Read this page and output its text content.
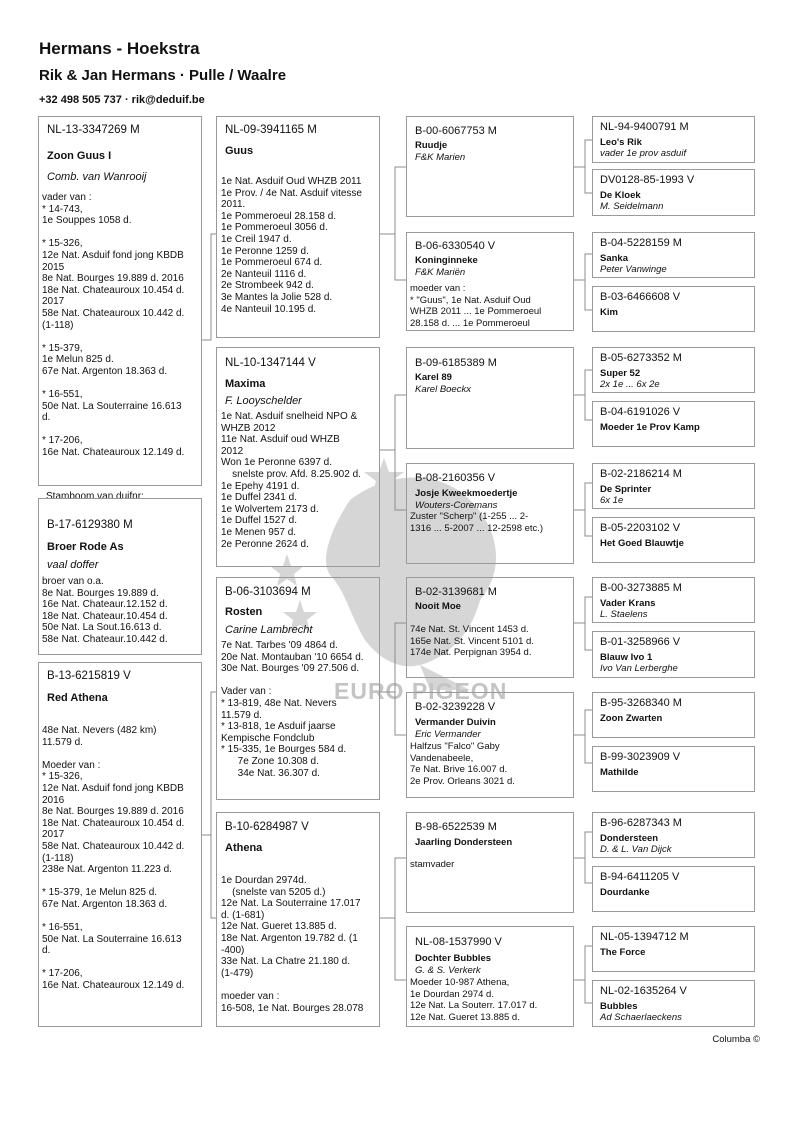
Hermans - Hoekstra
Rik & Jan Hermans · Pulle / Waalre
+32 498 505 737 · rik@deduif.be
EURO PIGEON
NL-13-3347269 M
Zoon Guus I
Comb. van Wanrooij
vader van :
* 14-743,
1e Souppes 1058 d.

* 15-326,
12e Nat. Asduif fond jong KBDB
2015
8e Nat. Bourges 19.889 d. 2016
18e Nat. Chateauroux 10.454 d.
2017
58e Nat. Chateauroux 10.442 d.
(1-118)

* 15-379,
1e Melun 825 d.
67e Nat. Argenton 18.363 d.

* 16-551,
50e Nat. La Souterraine 16.613
d.

* 17-206,
16e Nat. Chateauroux 12.149 d.
Stamboom van duifnr:
B-17-6129380 M
Broer Rode As
vaal doffer
broer van o.a.
8e Nat. Bourges 19.889 d.
16e Nat. Chateaur.12.152 d.
18e Nat. Chateaur.10.454 d.
50e Nat. La Sout.16.613 d.
58e Nat. Chateaur.10.442 d.
B-13-6215819 V
Red Athena
48e Nat. Nevers (482 km)
11.579 d.

Moeder van :
* 15-326,
12e Nat. Asduif fond jong KBDB
2016
8e Nat. Bourges 19.889 d. 2016
18e Nat. Chateauroux 10.454 d.
2017
58e Nat. Chateauroux 10.442 d.
(1-118)
238e Nat. Argenton 11.223 d.

* 15-379, 1e Melun 825 d.
67e Nat. Argenton 18.363 d.

* 16-551,
50e Nat. La Souterraine 16.613
d.

* 17-206,
16e Nat. Chateauroux 12.149 d.
NL-09-3941165 M
Guus
1e Nat. Asduif Oud WHZB 2011
1e Prov. / 4e Nat. Asduif vitesse
2011.
1e Pommeroeul 28.158 d.
1e Pommeroeul 3056 d.
1e Creil 1947 d.
1e Peronne 1259 d.
1e Pommeroeul 674 d.
2e Nanteuil 1116 d.
2e Strombeek 942 d.
3e Mantes la Jolie 528 d.
4e Nanteuil 10.195 d.
NL-10-1347144 V
Maxima
F. Looyschelder
1e Nat. Asduif snelheid NPO &
WHZB 2012
11e Nat. Asduif oud WHZB
2012
Won 1e Peronne 6397 d.
snelste prov. Afd. 8.25.902 d.
1e Epehy 4191 d.
1e Duffel 2341 d.
1e Wolvertem 2173 d.
1e Duffel 1527 d.
1e Menen 957 d.
2e Peronne 2624 d.
B-06-3103694 M
Rosten
Carine Lambrecht
7e Nat. Tarbes '09 4864 d.
20e Nat. Montauban '10 6654 d.
30e Nat. Bourges '09 27.506 d.

Vader van :
* 13-819, 48e Nat. Nevers
11.579 d.
* 13-818, 1e Asduif jaarse
Kempische Fondclub
* 15-335, 1e Bourges 584 d.
7e Zone 10.308 d.
34e Nat. 36.307 d.
B-10-6284987 V
Athena
1e Dourdan 2974d.
(snelste van 5205 d.)
12e Nat. La Souterraine 17.017
d. (1-681)
12e Nat. Gueret 13.885 d.
18e Nat. Argenton 19.782 d. (1
-400)
33e Nat. La Chatre 21.180 d.
(1-479)

moeder van :
16-508, 1e Nat. Bourges 28.078
B-00-6067753 M
Ruudje
F&K Marien
B-06-6330540 V
Koninginneke
F&K Mariën
moeder van :
* "Guus", 1e Nat. Asduif Oud
WHZB 2011 ... 1e Pommeroeul
28.158 d. ... 1e Pommeroeul
B-09-6185389 M
Karel 89
Karel Boeckx
B-08-2160356 V
Josje Kweekmoedertje
Wouters-Coremans
Zuster "Scherp" (1-255 ... 2-
1316 ... 5-2007 ... 12-2598 etc.)
B-02-3139681 M
Nooit Moe
74e Nat. St. Vincent 1453 d.
165e Nat. St. Vincent 5101 d.
174e Nat. Perpignan 3954 d.
B-02-3239228 V
Vermander Duivin
Eric Vermander
Halfzus "Falco" Gaby
Vandenabeele,
7e Nat. Brive 16.007 d.
2e Prov. Orleans 3021 d.
B-98-6522539 M
Jaarling Dondersteen
stamvader
NL-08-1537990 V
Dochter Bubbles
G. & S. Verkerk
Moeder 10-987 Athena,
1e Dourdan 2974 d.
12e Nat. La Souterr. 17.017 d.
12e Nat. Gueret 13.885 d.
NL-94-9400791 M
Leo's Rik
vader 1e prov asduif
DV0128-85-1993 V
De Kloek
M. Seidelmann
B-04-5228159 M
Sanka
Peter Vanwinge
B-03-6466608 V
Kim
B-05-6273352 M
Super 52
2x 1e ... 6x 2e
B-04-6191026 V
Moeder 1e Prov Kamp
B-02-2186214 M
De Sprinter
6x 1e
B-05-2203102 V
Het Goed Blauwtje
B-00-3273885 M
Vader Krans
L. Staelens
B-01-3258966 V
Blauw Ivo 1
Ivo Van Lerberghe
B-95-3268340 M
Zoon Zwarten
B-99-3023909 V
Mathilde
B-96-6287343 M
Dondersteen
D. & L. Van Dijck
B-94-6411205 V
Dourdanke
NL-05-1394712 M
The Force
NL-02-1635264 V
Bubbles
Ad Schaerlaeckens
Columba ©
